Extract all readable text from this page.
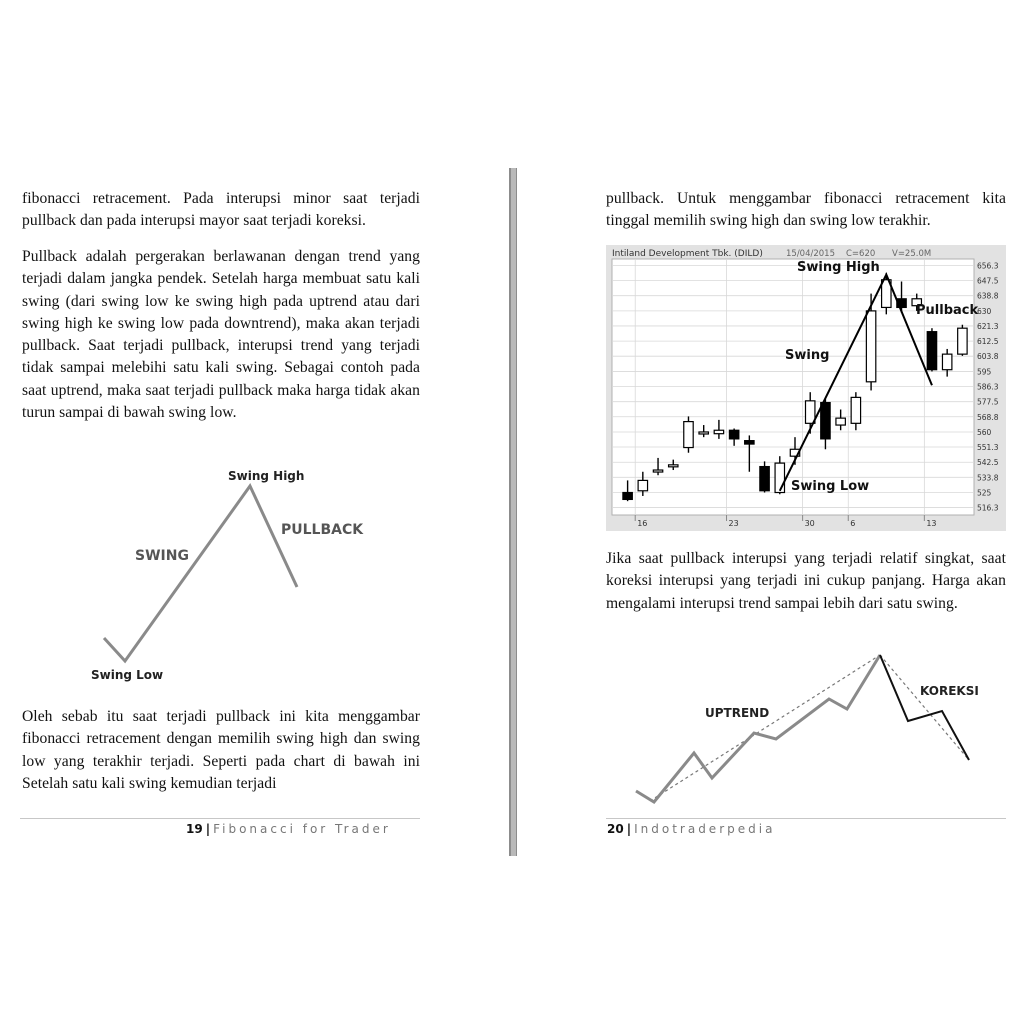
fibonacci retracement. Pada interupsi minor saat terjadi pullback dan pada interupsi mayor saat terjadi koreksi.
Pullback adalah pergerakan berlawanan dengan trend yang terjadi dalam jangka pendek. Setelah harga membuat satu kali swing (dari swing low ke swing high pada uptrend atau dari swing high ke swing low pada downtrend), maka akan terjadi pullback. Saat terjadi pullback, interupsi trend yang terjadi tidak sampai melebihi satu kali swing. Sebagai contoh pada saat uptrend, maka saat terjadi pullback maka harga tidak akan turun sampai di bawah swing low.
Swing High
PULLBACK
SWING
Swing Low
Oleh sebab itu saat terjadi pullback ini kita menggambar fibonacci retracement dengan memilih swing high dan swing low yang terakhir terjadi. Seperti pada chart di bawah ini Setelah satu kali swing kemudian terjadi
19 | Fibonacci for Trader
pullback. Untuk menggambar fibonacci retracement kita tinggal memilih swing high dan swing low terakhir.
656.3
647.5
638.8
630
621.3
612.5
603.8
595
586.3
577.5
568.8
560
551.3
542.5
533.8
525
516.3
16	23	30	6	13
Intiland Development Tbk. (DILD)	15/04/2015 C=620 V=25.0M
Swing High
Swing
Swing Low
Pullback
Jika saat pullback interupsi yang terjadi relatif singkat, saat koreksi interupsi yang terjadi ini cukup panjang. Harga akan mengalami interupsi trend sampai lebih dari satu swing.
UPTREND
KOREKSI
20 | Indotraderpedia
